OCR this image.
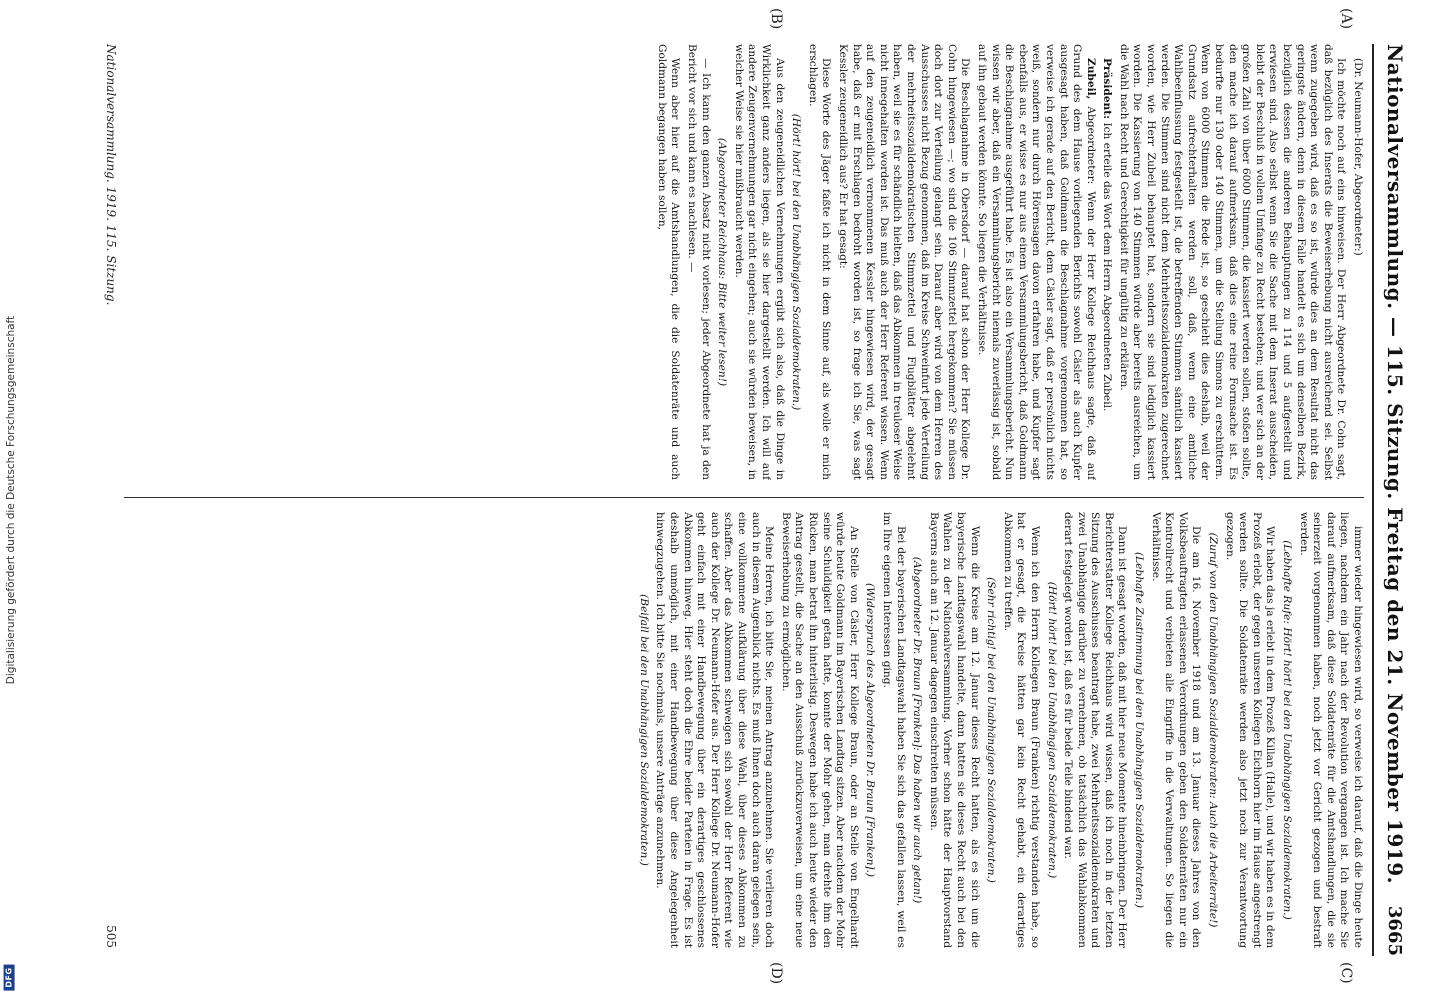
Digitalisierung gefördert durch die Deutsche Forschungsgemeinschaft
DFG
Nationalversammlung. — 115. Sitzung. Freitag den 21. November 1919.
3665
(A)
(B)
(C)
(D)

(Dr. Neumann-Hofer, Abgeordneter:)

Ich möchte noch auf eins hinweisen. Der Herr Abgeordnete Dr. Cohn sagt, daß bezüglich des Inserats die Beweiserhebung nicht ausreichend sei. Selbst wenn zugegeben wird, daß es so ist, würde dies an dem Resultat nicht das geringste ändern, denn in diesem Falle handelt es sich um denselben Bezirk, bezüglich dessen die anderen Behauptungen zu 114 und 5 aufgestellt und erwiesen sind. Also selbst wenn Sie die Sache mit dem Inserat ausscheiden, bleibt der Beschluß in vollem Umfange zu Recht bestehen; und wer sich an der großen Zahl von über 6000 Stimmen, die kassiert werden sollen, stoßen sollte, den mache ich darauf aufmerksam, daß dies eine reine Formsache ist. Es bedurfte nur 130 oder 140 Stimmen, um die Stellung Simons zu erschüttern. Wenn von 6000 Stimmen die Rede ist, so geschieht dies deshalb, weil der Grundsatz aufrechterhalten werden soll, daß, wenn eine amtliche Wahlbeeinflussung festgestellt ist, die betreffenden Stimmen sämtlich kassiert werden. Die Stimmen sind nicht dem Mehrheitssozialdemokraten zugerechnet worden, wie Herr Zubeil behauptet hat, sondern sie sind lediglich kassiert worden. Die Kassierung von 140 Stimmen würde aber bereits ausreichen, um die Wahl nach Recht und Gerechtigkeit für ungültig zu erklären.

Präsident: Ich erteile das Wort dem Herrn Abgeordneten Zubeil.

Zubeil, Abgeordneter: Wenn der Herr Kollege Reichhaus sagte, daß auf Grund des dem Hause vorliegenden Berichts sowohl Cäsler als auch Kupfer ausgesagt haben, daß Goldmann die Beschlagnahme vorgenommen hat, so verweise ich gerade auf den Bericht, dem Cäsler sagt, daß er persönlich nichts weiß, sondern nur durch Hörensagen davon erfahren habe, und Kupfer sagt ebenfalls aus, er wisse es nur aus einem Versammlungsbericht, daß Goldmann die Beschlagnahme ausgeführt habe. Es ist also ein Versammlungsbericht. Nun wissen wir aber, daß ein Versammlungsbericht niemals zuverlässig ist, sobald auf ihn gebaut werden könnte. So liegen die Verhältnisse.

Die Beschlagnahme in Obersdorf — darauf hat schon der Herr Kollege Dr. Cohn hingewiesen —; wo sind die 106 Stimmzettel hergekommen? Sie müssen doch dort zur Verteilung gelangt sein. Darauf aber wird von dem Herren des Ausschusses nicht Bezug genommen, daß im Kreise Schweinfurt jede Verteilung der mehrheitssozialdemokratischen Stimmzettel und Flugblätter abgelehnt haben, weil sie es für schändlich hielten, daß das Abkommen in treuloser Weise nicht innegehalten worden ist. Das muß auch der Herr Referent wissen. Wenn auf den zeugeneidlich vernommenen Kessler hingewiesen wird, der gesagt habe, daß er mit Erschlagen bedroht worden ist, so frage ich Sie, was sagt Kessler zeugeneidlich aus? Er hat gesagt:

Diese Worte des Jäger faßte ich nicht in dem Sinne auf, als wolle er mich erschlagen.

(Hört! hört! bei den Unabhängigen Sozialdemokraten.)

Aus den zeugeneidlichen Vernehmungen ergibt sich also, daß die Dinge in Wirklichkeit ganz anders liegen, als sie hier dargestellt werden. Ich will auf andere Zeugenvernehmungen gar nicht eingehen; auch sie würden beweisen, in welcher Weise sie hier mißbraucht werden.

(Abgeordneter Reichhaus: Bitte weiter lesen!)

— Ich kann den ganzen Absatz nicht vorlesen; jeder Abgeordnete hat ja den Bericht vor sich und kann es nachlesen. —

Wenn aber hier auf die Amtshandlungen, die die Soldatenräte und auch Goldmann begangen haben sollen,

immer wieder hingewiesen wird, so verweise ich darauf, daß die Dinge heute liegen, nachdem ein Jahr nach der Revolution vergangen ist. Ich mache Sie darauf aufmerksam, daß diese Soldatenräte für die Amtshandlungen, die sie seinerzeit vorgenommen haben, noch jetzt vor Gericht gezogen und bestraft werden.

(Lebhafte Rufe: Hört! hört! bei den Unabhängigen Sozialdemokraten.)

Wir haben das ja erlebt in dem Prozeß Killan (Halle), und wir haben es in dem Prozeß erlebt, der gegen unseren Kollegen Eichhorn hier im Hause angestrengt werden sollte. Die Soldatenräte werden also jetzt noch zur Verantwortung gezogen.

(Zuruf von den Unabhängigen Sozialdemokraten: Auch die Arbeiterräte!)

Die am 16. November 1918 und am 13. Januar dieses Jahres von den Volksbeauftragten erlassenen Verordnungen geben den Soldatenräten nur ein Kontrollrecht und verbieten alle Eingriffe in die Verwaltungen. So liegen die Verhältnisse.

(Lebhafte Zustimmung bei den Unabhängigen Sozialdemokraten.)

Dann ist gesagt worden, daß mit hier neue Momente hineinbringen. Der Herr Berichterstatter Kollege Reichhaus wird wissen, daß ich noch in der letzten Sitzung des Ausschusses beantragt habe, zwei Mehrheitssozialdemokraten und zwei Unabhängige darüber zu vernehmen, ob tatsächlich das Wahlabkommen derart festgelegt worden ist, daß es für beide Teile bindend war.

(Hört! hört! bei den Unabhängigen Sozialdemokraten.)

Wenn ich den Herrn Kollegen Braun (Franken) richtig verstanden habe, so hat er gesagt, die Kreise hätten gar kein Recht gehabt, ein derartiges Abkommen zu treffen.

(Sehr richtig! bei den Unabhängigen Sozialdemokraten.)

Wenn die Kreise am 12. Januar dieses Recht hatten, als es sich um die bayerische Landtagswahl handelte, dann hatten sie dieses Recht auch bei den Wahlen zu der Nationalversammlung. Vorher schon hätte der Hauptvorstand Bayerns auch am 12. Januar dagegen einschreiten müssen.

(Abgeordneter Dr. Braun [Franken]: Das haben wir auch getan!)

Bei der bayerischen Landtagswahl haben Sie sich das gefallen lassen, weil es im Ihre eigenen Interessen ging.

(Widerspruch des Abgeordneten Dr. Braun [Franken].)

An Stelle von Cäsler, Herr Kollege Braun, oder an Stelle von Engelhardt würde heute Goldmann im Bayerischen Landtag sitzen. Aber nachdem der Mohr seine Schuldigkeit getan hatte, konnte der Mohr gehen, man drehte ihm den Rücken, man betrat ihn hinterlistig. Deswegen habe ich auch heute wieder den Antrag gestellt, die Sache an den Ausschuß zurückzuverweisen, um eine neue Beweiserhebung zu ermöglichen.

Meine Herren, ich bitte Sie, meinen Antrag anzunehmen. Sie verlieren doch auch in diesem Augenblick nichts. Es muß Ihnen doch auch daran gelegen sein, eine vollkommene Aufklärung über diese Wahl, über dieses Abkommen zu schaffen. Aber das Abkommen schweigen sich sowohl der Herr Referent wie auch der Kollege Dr. Neumann-Hofer aus. Der Herr Kollege Dr. Neumann-Hofer geht einfach mit einer Handbewegung über ein derartiges geschlossenes Abkommen hinweg. Hier steht doch die Ehre beider Parteien in Frage. Es ist deshalb unmöglich, mit einer Handbewegung über diese Angelegenheit hinwegzugehen. Ich bitte Sie nochmals, unsere Anträge anzunehmen.

(Beifall bei den Unabhängigen Sozialdemokraten.)

Nationalversammlung. 1919. 115. Sitzung.
505
